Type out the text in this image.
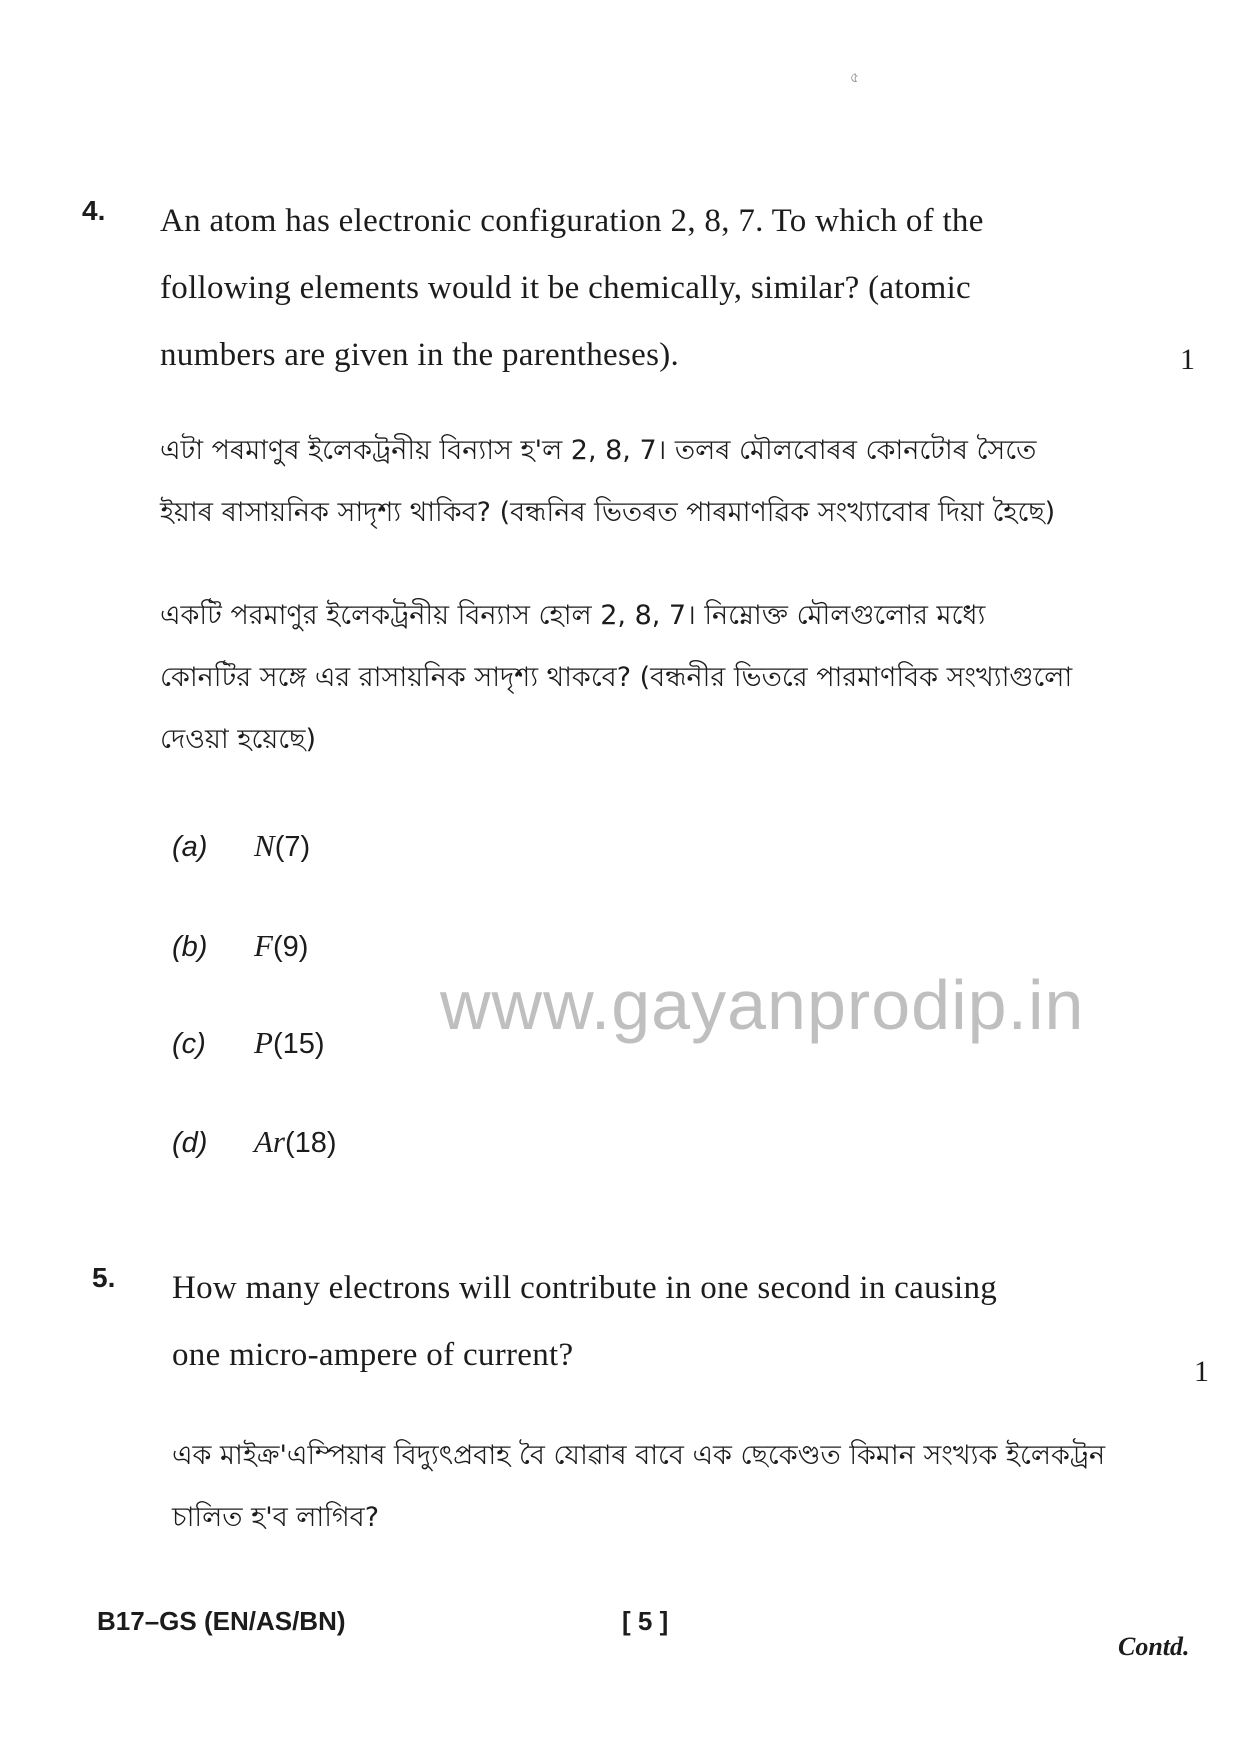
৫
4. An atom has electronic configuration 2, 8, 7. To which of the
following elements would it be chemically, similar? (atomic
numbers are given in the parentheses).	1
এটা পৰমাণুৰ ইলেকট্ৰনীয় বিন্যাস হ'ল 2, 8, 7। তলৰ মৌলবোৰৰ কোনটোৰ সৈতে
ইয়াৰ ৰাসায়নিক সাদৃশ্য থাকিব? (বন্ধনিৰ ভিতৰত পাৰমাণৱিক সংখ্যাবোৰ দিয়া হৈছে)
একটি পরমাণুর ইলেকট্রনীয় বিন্যাস হোল 2, 8, 7। নিম্নোক্ত মৌলগুলোর মধ্যে
কোনটির সঙ্গে এর রাসায়নিক সাদৃশ্য থাকবে? (বন্ধনীর ভিতরে পারমাণবিক সংখ্যাগুলো
দেওয়া হয়েছে)
(a)	N (7)
(b)	F (9)
(c)	P (15)
(d)	Ar (18)
www.gayanprodip.in
5. How many electrons will contribute in one second in causing
one micro-ampere of current?	1
এক মাইক্ৰ'এম্পিয়াৰ বিদ্যুৎপ্ৰবাহ বৈ যোৱাৰ বাবে এক ছেকেণ্ডত কিমান সংখ্যক ইলেকট্ৰন
চালিত হ'ব লাগিব?
B17–GS (EN/AS/BN)	[ 5 ]
Contd.
